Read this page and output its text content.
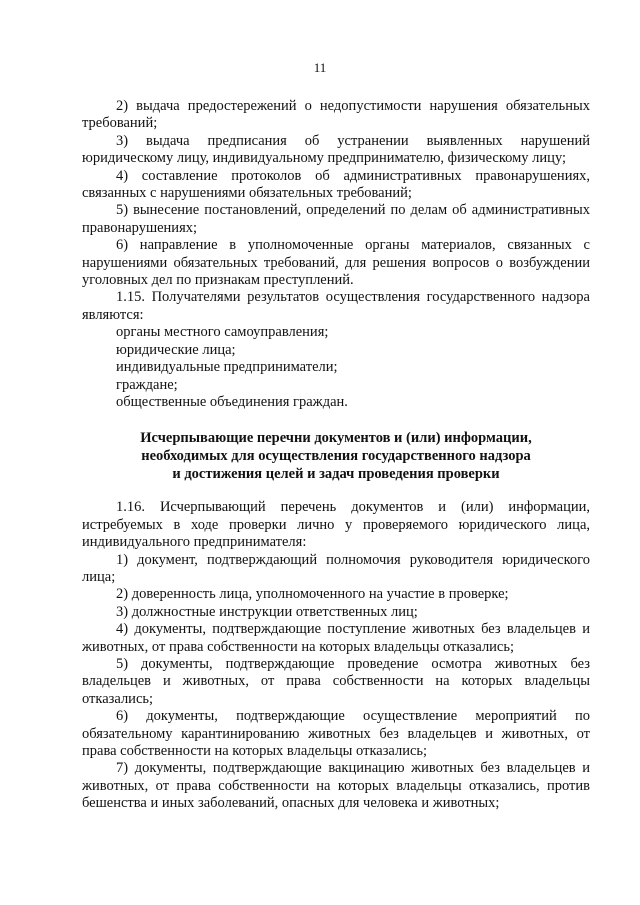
11

2) выдача предостережений о недопустимости нарушения обязательных требований;

3) выдача предписания об устранении выявленных нарушений юридическому лицу, индивидуальному предпринимателю, физическому лицу;

4) составление протоколов об административных правонарушениях, связанных с нарушениями обязательных требований;

5) вынесение постановлений, определений по делам об административных правонарушениях;

6) направление в уполномоченные органы материалов, связанных с нарушениями обязательных требований, для решения вопросов о возбуждении уголовных дел по признакам преступлений.

1.15. Получателями результатов осуществления государственного надзора являются:

органы местного самоуправления;

юридические лица;

индивидуальные предприниматели;

граждане;

общественные объединения граждан.

Исчерпывающие перечни документов и (или) информации,
необходимых для осуществления государственного надзора
и достижения целей и задач проведения проверки

1.16. Исчерпывающий перечень документов и (или) информации, истребуемых в ходе проверки лично у проверяемого юридического лица, индивидуального предпринимателя:

1) документ, подтверждающий полномочия руководителя юридического лица;

2) доверенность лица, уполномоченного на участие в проверке;

3) должностные инструкции ответственных лиц;

4) документы, подтверждающие поступление животных без владельцев и животных, от права собственности на которых владельцы отказались;

5) документы, подтверждающие проведение осмотра животных без владельцев и животных, от права собственности на которых владельцы отказались;

6) документы, подтверждающие осуществление мероприятий по обязательному карантинированию животных без владельцев и животных, от права собственности на которых владельцы отказались;

7) документы, подтверждающие вакцинацию животных без владельцев и животных, от права собственности на которых владельцы отказались, против бешенства и иных заболеваний, опасных для человека и животных;
